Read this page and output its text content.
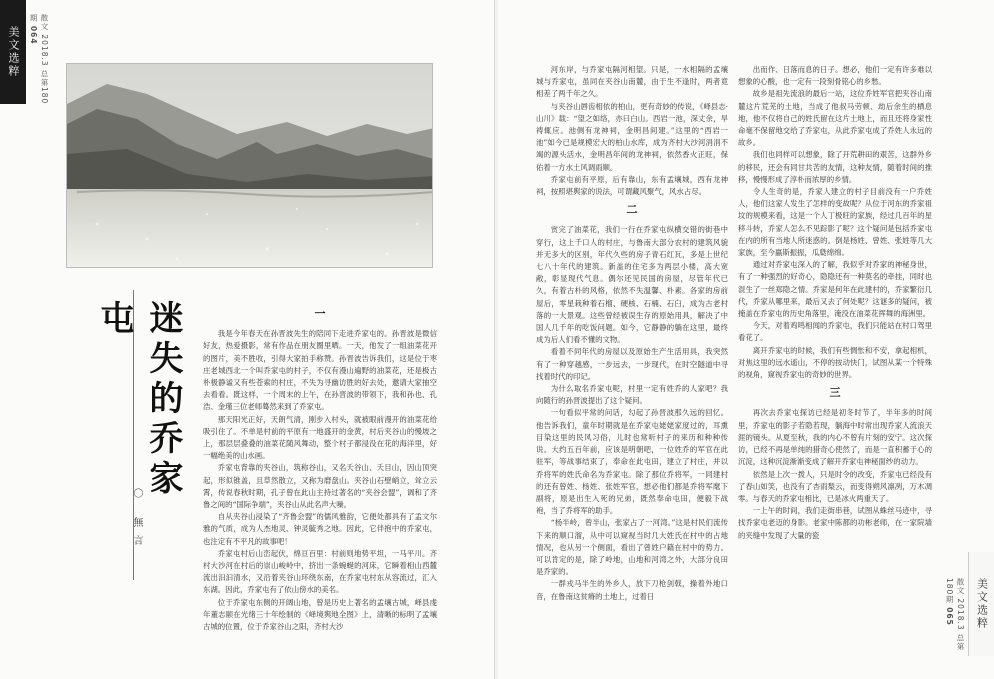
美文选粹	散文 2018.3 总第180期 064
迷失的乔家屯
〇 無言
一

我是今年春天在孙晋波先生的陪同下走进乔家屯的。孙晋波是微信好友，热爱摄影，常有作品在朋友圈里晒。一天，他发了一组油菜花开的图片，美不胜收，引得大家拍手称赞。孙晋波告诉我们，这是位于枣庄老城西北一个叫乔家屯的村子，不仅有漫山遍野的油菜花，还是极古朴极静谧又有些苍索的村庄，不失为寻幽访胜的好去处，邀请大家抽空去看看。既这样，一个周末的上午，在孙晋波的带领下，我和孙也、孔浩、金瑾三位老师蓦然来到了乔家屯。

那天阳光正好，天朗气清，刚步入村头，就被眼前漫开的油菜花给吸引住了。不单是村前的平原有一地盛开的金黄，村后夹谷山的慢坡之上，那层层叠叠的油菜花随风舞动，整个村子都浸没在花的海洋里，好一幅绝美的山水画。

乔家屯背靠的夹谷山，筑称谷山，又名夭谷山、夭目山，因山顶突起，形似锥盖，且草然散立，又称为磨盘山。夹谷山石壁峭立，耸立云霄，传说春秋时期，孔子曾在此山主持过著名的“夹谷会盟”，调和了齐鲁之间的“国际争端”，夹谷山从此名声大噪。

自从夹谷山浸染了“齐鲁会盟”的儒风雅韵，它便处都具有了孟文尔雅的气质，成为人杰地灵、钟灵毓秀之地。因此，它伴抱中的乔家屯，也注定有不平凡的故事吧！

乔家屯村后山峦起伏，绵亘百里：村前则地势平坦，一马平川。齐村大沙河在村后的崇山峻岭中，挤出一条蜿蜒的河床，它瞬着相山西麓流出汩汩清水，又沿着夹谷山环绕东南，在乔家屯村东从容流过，汇入东湖。因此，乔家屯有了依山傍水的美名。

位于乔家屯东侧的开阔山地，曾是历史上著名的孟壤古城，峄县虔年董志颐在光绪三十年绘制的《峄境舆地全图》上，清晰的标明了孟壤古城的位置，位于乔家谷山之阳，齐村大沙

河东岸，与乔家屯隔河相望。只是，一水相隔的孟壤城与乔家屯，虽同在夹谷山南麓，由于生不逢时，两者竟相差了两千年之久。

与夹谷山唇齿相依的柏山，更有奇妙的传说，《峄县志·山川》载：“望之如络，亦曰白山。西岩一池，深丈余，旱祷辄应。池侧有龙神祠，金明昌间建。”这里的“西岩一池”如今已是规模宏大的柏山水库，成为齐村大沙河涓涓不竭的源头活水，金明昌年间的龙神祠，依然香火正旺，保佑着一方水土风调雨顺。

乔家屯前有平原，后有靠山，东有孟壤城，西有龙神祠，按照堪舆家的说法，可谓藏风聚气，风水占尽。

二

赏完了油菜花，我们一行在乔家屯纵横交错的街巷中穿行，这上千口人的村庄，与鲁南大部分农村的建筑风貌并无多大的区别，年代久些的房子青石红瓦，多是上世纪七八十年代的建筑。新盖的住宅多为两层小楼，高大宽敞，彰显现代气息。偶尔还见民国的房屋，尽管年代已久，有着古朴的风格，依然不失温馨、朴素。各家的房前屋后，零星栽种着石榴、硬核、石楠、石臼，成为古老村落的一大景观。这些曾经被误生存的原始用具，解决了中国人几千年的吃饭问题。如今，它静静的躺在这里，最终成为后人们看不懂的文物。

看着不同年代的房屋以及原始生产生活用具，我突然有了一种穿越感，一步远去，一步现代，在时空隧道中寻找着时代的印记。

为什么取名乔家屯呢，村里一定有姓乔的人家吧？我向随行的孙晋波提出了这个疑问。

一句看似平常的问话，勾起了孙晋波那久远的回忆。他告诉我们，童年时期就是在乔家屯姥姥家度过的，耳熏目染这里的民风习俗，儿时也常听村子的来历和种种传说。大约五百年前，应该是明朝吧，一位姓乔的军官在此驻军，等战事结束了，奉命在此屯田，建立了村庄，并以乔将军的姓氏命名为乔家屯。除了那位乔将军，一同建村的还有曾姓、杨姓、张姓军官，想必他们都是乔将军麾下副将，原是出生入死的兄弟，既然奉命屯田，便毅下战袍，当了乔将军的助手。

“杨半岭，曾半山，张家占了一河湾。”这是村民们流传下来的顺口溜，从中可以窥视当时几大姓氏在村中的占地情况，也从另一个侧面，看出了曾姓户籍在村中的势力。可以肯定的是，除了岭地，山地和河湾之外，大部分良田是乔家的。

一群戎马半生的外乡人，放下刀枪剑戟，操着外地口音，在鲁南这贫瘠的土地上，过着日

出而作、日落而息的日子。想必，他们一定有许多难以想象的心酸，也一定有一段刻骨铭心的乡愁。

故乡是祖先流浪的最后一站，这位乔姓军官把夹谷山南麓这片荒芜的土地，当成了他叔马劳顿、劫后余生的栖息地，他不仅将自己的姓氏留在这片土地上，而且还将身家性命毫不保留地交给了乔家屯，从此乔家屯成了乔姓人永远的故乡。

我们也同样可以想象，除了开荒耕田的艰苦，这群外乡的移民，还会有同甘共苦的友情，这种友情，随着时间的推移，慢慢形成了淳朴而浓厚的乡情。

令人生奇的是，乔家人建立的村子目前没有一户乔姓人，他们这家人发生了怎样的变故呢？从位于河东的乔家祖坟的规模来看，这是一个人丁极旺的家族，经过几百年的星移斗转，乔家人怎么不见踪影了呢？这个疑问是包括乔家屯在内的所有当地人所迷惑的。倒是杨姓、曾姓、张姓等几大家族，至今蠃斯振振，瓜瓞绵绵。

通过对乔家屯深入的了解，我似乎对乔家的神秘身世，有了一种强烈的好奇心，隐隐还有一种莫名的牵挂，同时也混生了一丝郑隐之情。乔家是何年在此建村的，乔家繁衍几代，乔家从哪里来，最后又去了何处呢？这谜多的疑问，被掩盖在乔家屯的历史角落里，淹没在油菜花挥舞的海洲里。

今天，对着鸡鸣相闻的乔家屯，我们只能站在村口驾里看花了。

离开乔家屯的时候，我们有些惆怅和不安，拿起相机，对焦这里的远水遥山，不停的按动快门，试图从某一个特殊的视角，窥视乔家屯的奇妙的世界。

三

再次去乔家屯探访已经是初冬时节了，半年多的时间里，乔家屯的影子若隐若现，躺海中时常出现乔家人流浪天涯的镜头。从夏至秋，我的内心不曾有片刻的安宁。这次探访，已经不再是单纯的猎奇心使然了，而是一直积蓄于心的沉淀，这种沉淀渐渐变成了解开乔家屯神秘面纱的动力。

依然是上次一拨人，只是时令的改变，乔家屯已经没有了春山如笑，也没有了杏雨梨云，而变得朔风凛冽，万木凋零。与春天的乔家屯相比，已是冰火两重天了。

一上午的时间，我们走街串巷，试图从蛛丝马迹中，寻找乔家屯老迈的身影。老家中陈都的功彬老师，在一家院墙的夹缝中发现了大量的瓷

美文选粹
散文 2018.3 总第180期 065
